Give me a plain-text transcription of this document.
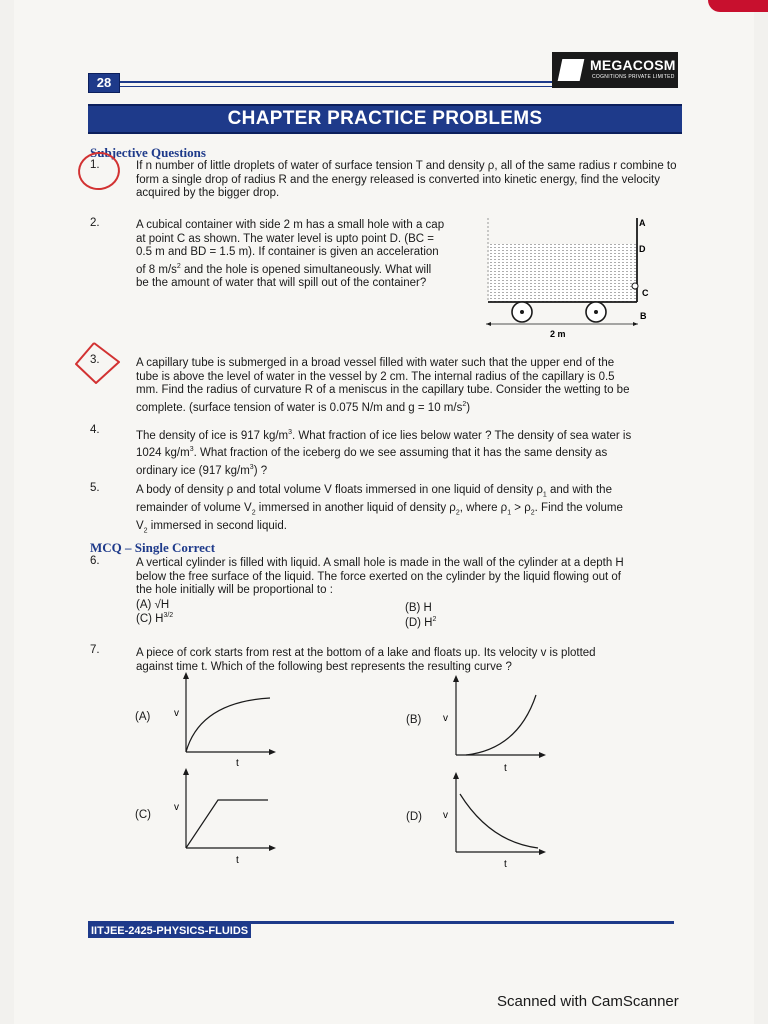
28
MEGACOSM
COGNITIONS PRIVATE LIMITED
CHAPTER PRACTICE PROBLEMS
Subjective Questions
1.	If n number of little droplets of water of surface tension T and density ρ, all of the same radius r combine to form a single drop of radius R and the energy released is converted into kinetic energy, find the velocity acquired by the bigger drop.
2.	A cubical container with side 2 m has a small hole with a cap
at point C as shown. The water level is upto point D. (BC =
0.5 m and BD = 1.5 m). If container is given an acceleration
of 8 $m/s^2$ and the hole is opened simultaneously. What will
be the amount of water that will spill out of the container?
A
D
C
B
2 m
3.	A capillary tube is submerged in a broad vessel filled with water such that the upper end of the
tube is above the level of water in the vessel by 2 cm. The internal radius of the capillary is 0.5
mm. Find the radius of curvature R of a meniscus in the capillary tube. Consider the wetting to be
complete. (surface tension of water is 0.075 N/m and g = 10 $m/s^2$)
4.	The density of ice is 917 $kg/m^3$. What fraction of ice lies below water ? The density of sea water is
1024 $kg/m^3$. What fraction of the iceberg do we see assuming that it has the same density as
ordinary ice (917 $kg/m^3$) ?
5.	A body of density ρ and total volume V floats immersed in one liquid of density $\rho_1$ and with the
remainder of volume $V_2$ immersed in another liquid of density $\rho_2$, where $\rho_1 > \rho_2$. Find the volume
$V_2$ immersed in second liquid.
MCQ – Single Correct
6.	A vertical cylinder is filled with liquid. A small hole is made in the wall of the cylinder at a depth H
below the free surface of the liquid. The force exerted on the cylinder by the liquid flowing out of
the hole initially will be proportional to :
(A) √H	(B) H
(C) $H^{3/2}$
(D) $H^2$
7.	A piece of cork starts from rest at the bottom of a lake and floats up. Its velocity v is plotted
against time t. Which of the following best represents the resulting curve ?
(A) v
t
(B) v
t
(C)
v
t
(D) v
t
IITJEE-2425-PHYSICS-FLUIDS
Scanned with CamScanner
